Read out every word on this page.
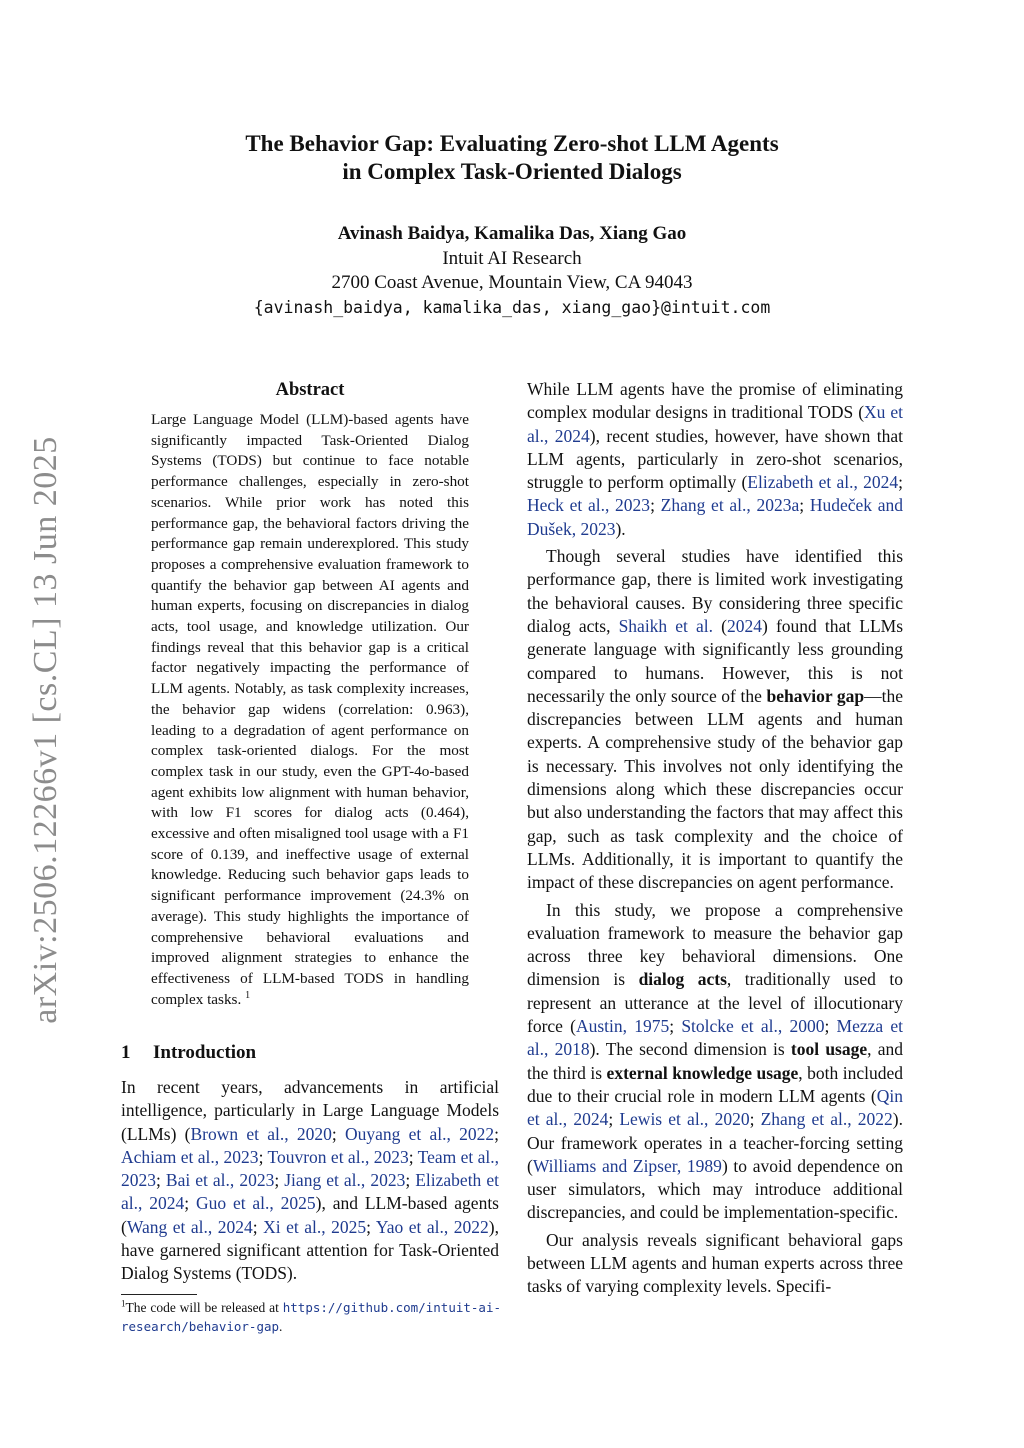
arXiv:2506.12266v1 [cs.CL] 13 Jun 2025
The Behavior Gap: Evaluating Zero-shot LLM Agents
in Complex Task-Oriented Dialogs
Avinash Baidya, Kamalika Das, Xiang Gao
Intuit AI Research
2700 Coast Avenue, Mountain View, CA 94043
{avinash_baidya, kamalika_das, xiang_gao}@intuit.com
Abstract

Large Language Model (LLM)-based agents have significantly impacted Task-Oriented Dialog Systems (TODS) but continue to face notable performance challenges, especially in zero-shot scenarios. While prior work has noted this performance gap, the behavioral factors driving the performance gap remain underexplored. This study proposes a comprehensive evaluation framework to quantify the behavior gap between AI agents and human experts, focusing on discrepancies in dialog acts, tool usage, and knowledge utilization. Our findings reveal that this behavior gap is a critical factor negatively impacting the performance of LLM agents. Notably, as task complexity increases, the behavior gap widens (correlation: 0.963), leading to a degradation of agent performance on complex task-oriented dialogs. For the most complex task in our study, even the GPT-4o-based agent exhibits low alignment with human behavior, with low F1 scores for dialog acts (0.464), excessive and often misaligned tool usage with a F1 score of 0.139, and ineffective usage of external knowledge. Reducing such behavior gaps leads to significant performance improvement (24.3% on average). This study highlights the importance of comprehensive behavioral evaluations and improved alignment strategies to enhance the effectiveness of LLM-based TODS in handling complex tasks. $^1$

1 Introduction

In recent years, advancements in artificial intelligence, particularly in Large Language Models (LLMs) (Brown et al., 2020; Ouyang et al., 2022; Achiam et al., 2023; Touvron et al., 2023; Team et al., 2023; Bai et al., 2023; Jiang et al., 2023; Elizabeth et al., 2024; Guo et al., 2025), and LLM-based agents (Wang et al., 2024; Xi et al., 2025; Yao et al., 2022), have garnered significant attention for Task-Oriented Dialog Systems (TODS).

$^1$The code will be released at https://github.com/intuit-ai-research/behavior-gap.

While LLM agents have the promise of eliminating complex modular designs in traditional TODS (Xu et al., 2024), recent studies, however, have shown that LLM agents, particularly in zero-shot scenarios, struggle to perform optimally (Elizabeth et al., 2024; Heck et al., 2023; Zhang et al., 2023a; Hudeček and Dušek, 2023).

Though several studies have identified this performance gap, there is limited work investigating the behavioral causes. By considering three specific dialog acts, Shaikh et al. (2024) found that LLMs generate language with significantly less grounding compared to humans. However, this is not necessarily the only source of the behavior gap—the discrepancies between LLM agents and human experts. A comprehensive study of the behavior gap is necessary. This involves not only identifying the dimensions along which these discrepancies occur but also understanding the factors that may affect this gap, such as task complexity and the choice of LLMs. Additionally, it is important to quantify the impact of these discrepancies on agent performance.

In this study, we propose a comprehensive evaluation framework to measure the behavior gap across three key behavioral dimensions. One dimension is dialog acts, traditionally used to represent an utterance at the level of illocutionary force (Austin, 1975; Stolcke et al., 2000; Mezza et al., 2018). The second dimension is tool usage, and the third is external knowledge usage, both included due to their crucial role in modern LLM agents (Qin et al., 2024; Lewis et al., 2020; Zhang et al., 2022). Our framework operates in a teacher-forcing setting (Williams and Zipser, 1989) to avoid dependence on user simulators, which may introduce additional discrepancies, and could be implementation-specific.

Our analysis reveals significant behavioral gaps between LLM agents and human experts across three tasks of varying complexity levels. Specifi-
